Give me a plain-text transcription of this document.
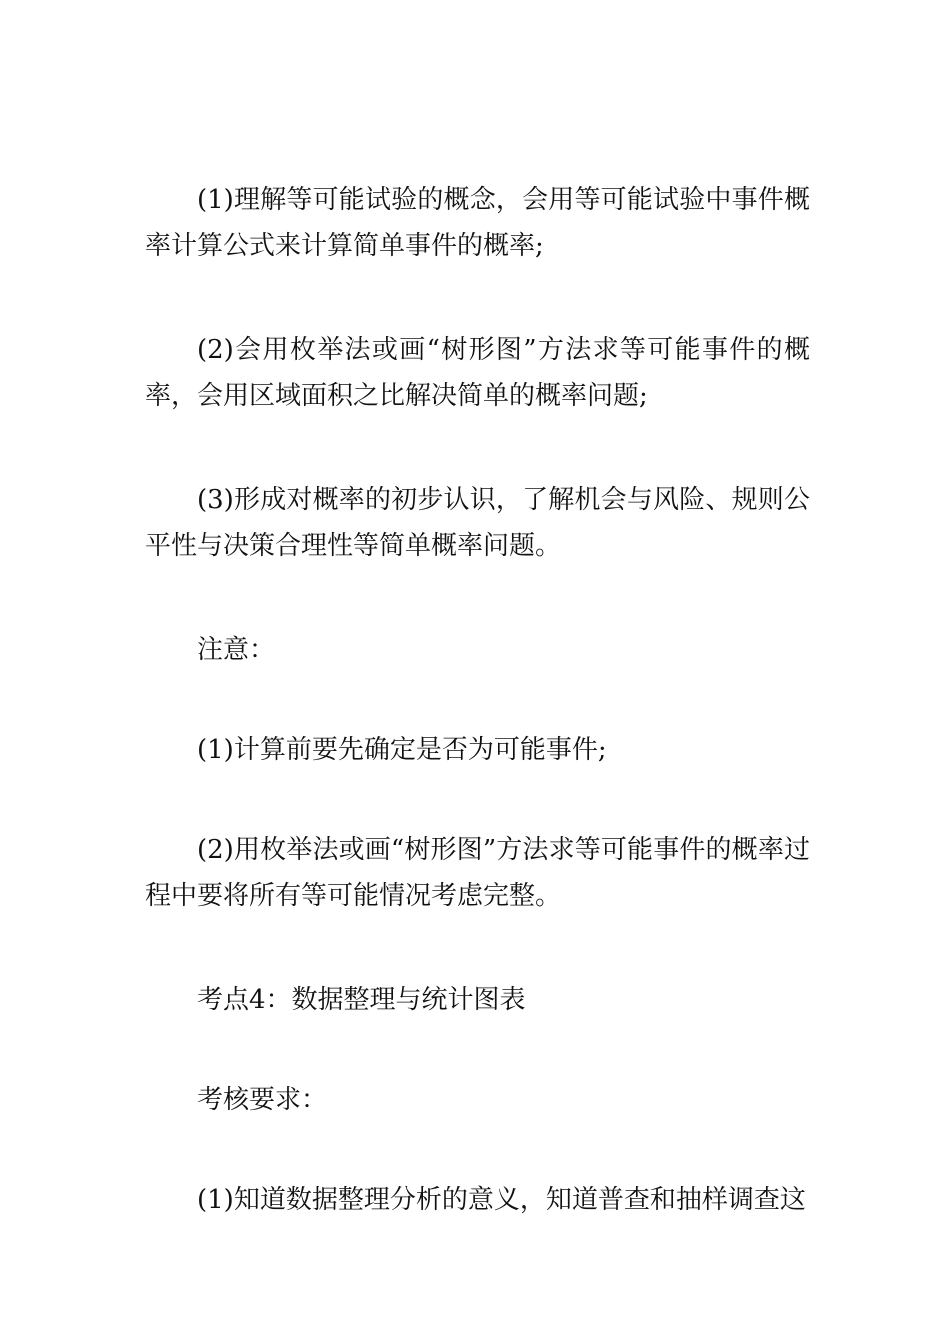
(1)理解等可能试验的概念，会用等可能试验中事件概率计算公式来计算简单事件的概率;

(2)会用枚举法或画“树形图”方法求等可能事件的概率，会用区域面积之比解决简单的概率问题;

(3)形成对概率的初步认识，了解机会与风险、规则公平性与决策合理性等简单概率问题。

注意：

(1)计算前要先确定是否为可能事件;

(2)用枚举法或画“树形图”方法求等可能事件的概率过程中要将所有等可能情况考虑完整。

考点4：数据整理与统计图表

考核要求：

(1)知道数据整理分析的意义，知道普查和抽样调查这
